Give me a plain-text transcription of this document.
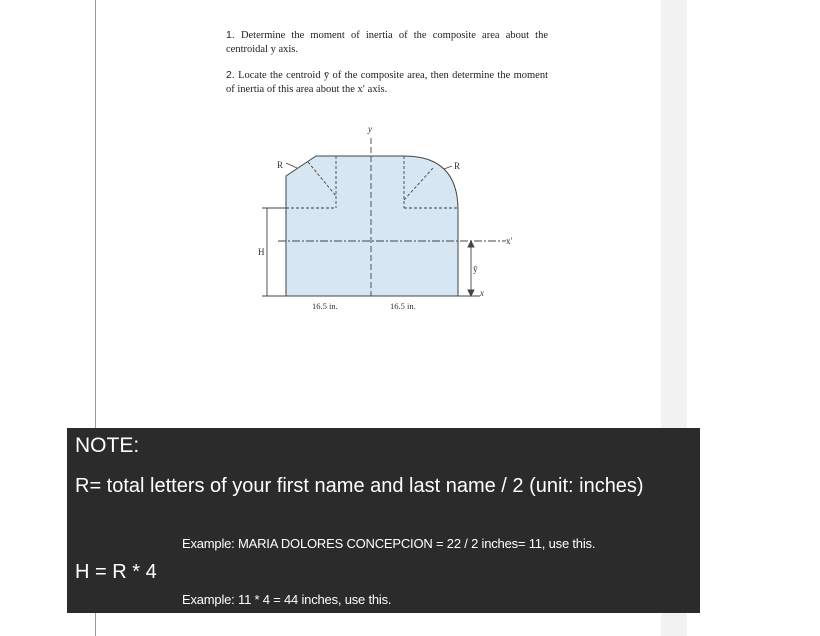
1. Determine the moment of inertia of the composite area about the centroidal y axis.
2. Locate the centroid ȳ of the composite area, then determine the moment of inertia of this area about the x′ axis.
y
R	R
H
x′
ȳ
x
16.5 in.	16.5 in.
NOTE:
R= total letters of your first name and last name / 2 (unit: inches)
Example: MARIA DOLORES CONCEPCION = 22 / 2 inches= 11, use this.
H = R * 4
Example: 11 * 4 = 44 inches, use this.
